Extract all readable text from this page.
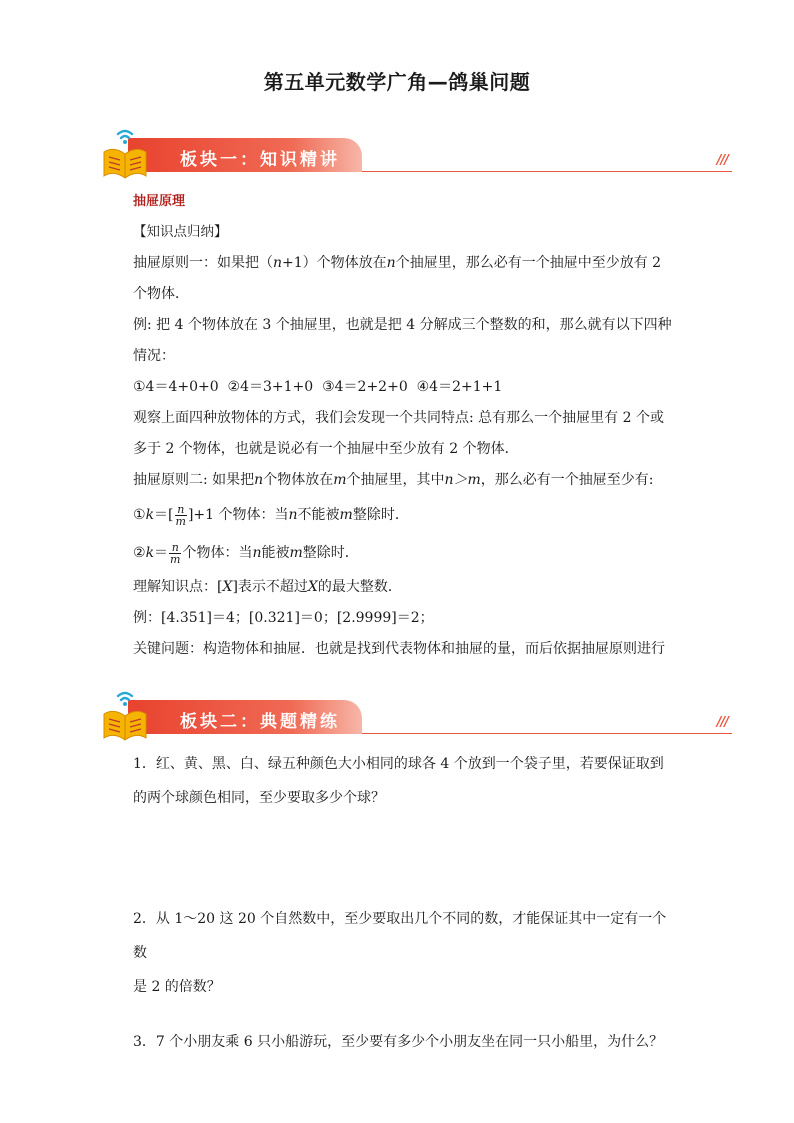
第五单元数学广角—鸽巢问题
板块一：知识精讲	///
抽屉原理
【知识点归纳】
抽屉原则一：如果把（n+1）个物体放在n个抽屉里，那么必有一个抽屉中至少放有 2
个物体．
例: 把 4 个物体放在 3 个抽屉里，也就是把 4 分解成三个整数的和，那么就有以下四种
情况：
①4＝4+0+0  ②4＝3+1+0  ③4＝2+2+0  ④4＝2+1+1
观察上面四种放物体的方式，我们会发现一个共同特点: 总有那么一个抽屉里有 2 个或
多于 2 个物体，也就是说必有一个抽屉中至少放有 2 个物体．
抽屉原则二: 如果把n个物体放在m个抽屉里，其中n＞m，那么必有一个抽屉至少有:
①k＝[ $\frac{n}{m} ]+1$ 个物体：当n不能被m整除时．
②k＝ $\frac{n}{m}$ 个物体：当n能被m整除时．
理解知识点：[X]表示不超过X的最大整数．
例：[4.351]＝4；[0.321]＝0；[2.9999]＝2；
关键问题：构造物体和抽屉．也就是找到代表物体和抽屉的量，而后依据抽屉原则进行
板块二：典题精练	///
1．红、黄、黑、白、绿五种颜色大小相同的球各 4 个放到一个袋子里，若要保证取到
的两个球颜色相同，至少要取多少个球？
2．从 1～20 这 20 个自然数中，至少要取出几个不同的数，才能保证其中一定有一个数
是 2 的倍数？
3．7 个小朋友乘 6 只小船游玩，至少要有多少个小朋友坐在同一只小船里，为什么？
